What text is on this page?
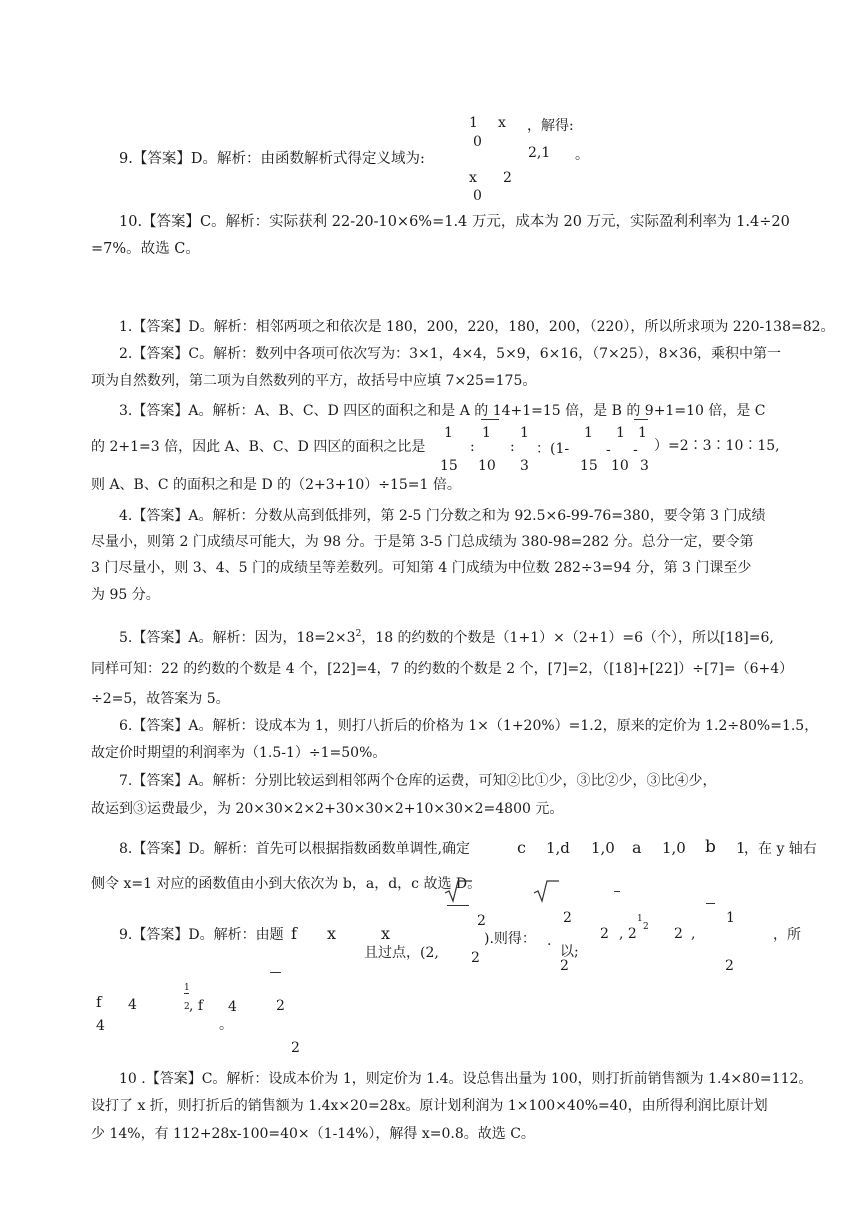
1 x ，解得:
0
2,1 。
9.【答案】D。解析：由函数解析式得定义域为:
x 2
0
10.【答案】C。解析：实际获利 22-20-10×6%=1.4 万元，成本为 20 万元，实际盈利利率为 1.4÷20
=7%。故选 C。
1.【答案】D。解析：相邻两项之和依次是 180，200，220，180，200，（220），所以所求项为 220-138=82。
2.【答案】C。解析：数列中各项可依次写为：3×1，4×4，5×9，6×16，（7×25），8×36，乘积中第一
项为自然数列，第二项为自然数列的平方，故括号中应填 7×25=175。
3.【答案】A。解析：A、B、C、D 四区的面积之和是 A 的 14+1=15 倍，是 B 的 9+1=10 倍，是 C
1 1 1	1 1 1
的 2+1=3 倍，因此 A、B、C、D 四区的面积之比是	:	: ：(1-	- - ）=2∶3∶10∶15,
15 10 3	15 10 3
则 A、B、C 的面积之和是 D 的（2+3+10）÷15=1 倍。
4.【答案】A。解析：分数从高到低排列，第 2-5 门分数之和为 92.5×6-99-76=380，要令第 3 门成绩
尽量小，则第 2 门成绩尽可能大，为 98 分。于是第 3-5 门总成绩为 380-98=282 分。总分一定，要令第
3 门尽量小，则 3、4、5 门的成绩呈等差数列。可知第 4 门成绩为中位数 282÷3=94 分，第 3 门课至少
为 95 分。
5.【答案】A。解析：因为，$18=2\times 3^2$，18 的约数的个数是（1+1）×（2+1）=6（个），所以[18]=6,
同样可知：22 的约数的个数是 4 个，[22]=4，7 的约数的个数是 2 个，[7]=2，（[18]+[22]）÷[7]=（6+4）
÷2=5，故答案为 5。
6.【答案】A。解析：设成本为 1，则打八折后的价格为 1×（1+20%）=1.2，原来的定价为 1.2÷80%=1.5，
故定价时期望的利润率为（1.5-1）÷1=50%。
7.【答案】A。解析：分别比较运到相邻两个仓库的运费，可知②比①少，③比②少，③比④少，
故运到③运费最少，为 20×30×2×2+30×30×2+10×30×2=4800 元。
8.【答案】D。解析：首先可以根据指数函数单调性,确定	c 1,d 1,0 a 1,0 b 1
，在 y 轴右
侧令 x=1 对应的函数值由小到大依次为 b，a，d，c 故选 D。
2	2	1	1
9.【答案】D。解析：由题 f x	x	).则得： .	2 , 2 2 2 ,	，所
且过点，(2,	以;
2	2	2
1
f 4	2 , f 4	2
4	。
2
10 .【答案】C。解析：设成本价为 1，则定价为 1.4。设总售出量为 100，则打折前销售额为 1.4×80=112。
设打了 x 折，则打折后的销售额为 1.4x×20=28x。原计划利润为 1×100×40%=40，由所得利润比原计划
少 14%，有 112+28x-100=40×（1-14%），解得 x=0.8。故选 C。
